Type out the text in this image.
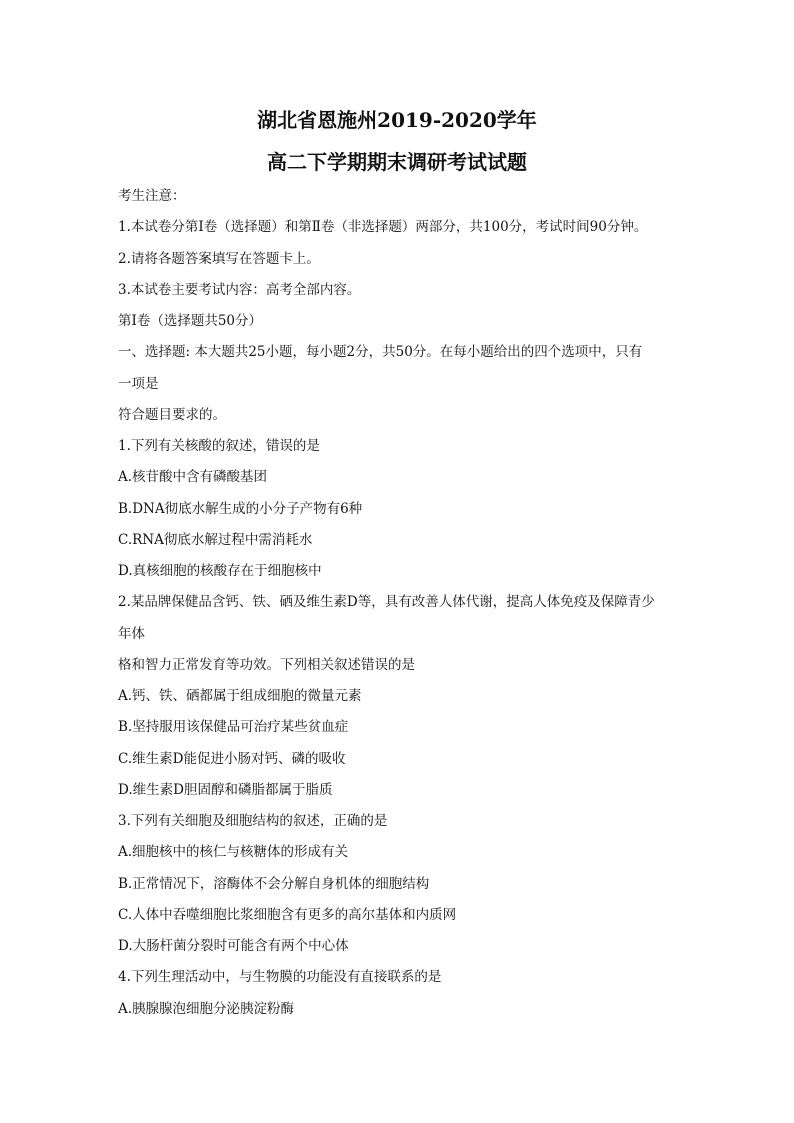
湖北省恩施州2019-2020学年
高二下学期期末调研考试试题
考生注意：
1.本试卷分第Ⅰ卷（选择题）和第Ⅱ卷（非选择题）两部分，共100分，考试时间90分钟。
2.请将各题答案填写在答题卡上。
3.本试卷主要考试内容：高考全部内容。
第Ⅰ卷（选择题共50分）
一、选择题: 本大题共25小题，每小题2分，共50分。在每小题给出的四个选项中，只有
一项是
符合题目要求的。
1.下列有关核酸的叙述，错误的是
A.核苷酸中含有磷酸基团
B.DNA彻底水解生成的小分子产物有6种
C.RNA彻底水解过程中需消耗水
D.真核细胞的核酸存在于细胞核中
2.某品牌保健品含钙、铁、硒及维生素D等，具有改善人体代谢，提高人体免疫及保障青少
年体
格和智力正常发育等功效。下列相关叙述错误的是
A.钙、铁、硒都属于组成细胞的微量元素
B.坚持服用该保健品可治疗某些贫血症
C.维生素D能促进小肠对钙、磷的吸收
D.维生素D胆固醇和磷脂都属于脂质
3.下列有关细胞及细胞结构的叙述，正确的是
A.细胞核中的核仁与核糖体的形成有关
B.正常情况下，溶酶体不会分解自身机体的细胞结构
C.人体中吞噬细胞比浆细胞含有更多的高尔基体和内质网
D.大肠杆菌分裂时可能含有两个中心体
4.下列生理活动中，与生物膜的功能没有直接联系的是
A.胰腺腺泡细胞分泌胰淀粉酶
